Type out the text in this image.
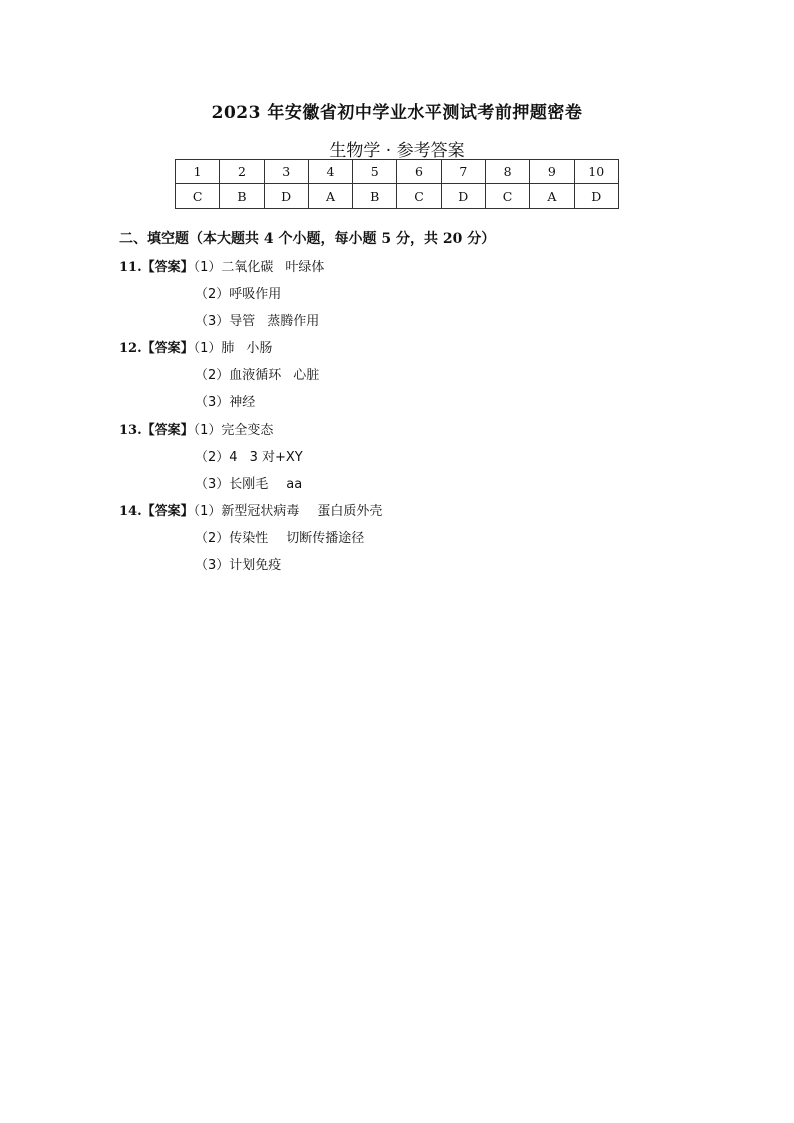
2023 年安徽省初中学业水平测试考前押题密卷
生物学 · 参考答案
1	2	3	4	5	6	7	8	9	10
C	B	D	A	B	C	D	C	A	D
二、填空题（本大题共 4 个小题，每小题 5 分，共 20 分）
11.【答案】（1）二氧化碳 叶绿体
（2）呼吸作用
（3）导管 蒸腾作用
12.【答案】（1）肺 小肠
（2）血液循环 心脏
（3）神经
13.【答案】（1）完全变态
（2）4 3 对+XY
（3）长刚毛 aa
14.【答案】（1）新型冠状病毒 蛋白质外壳
（2）传染性 切断传播途径
（3）计划免疫
